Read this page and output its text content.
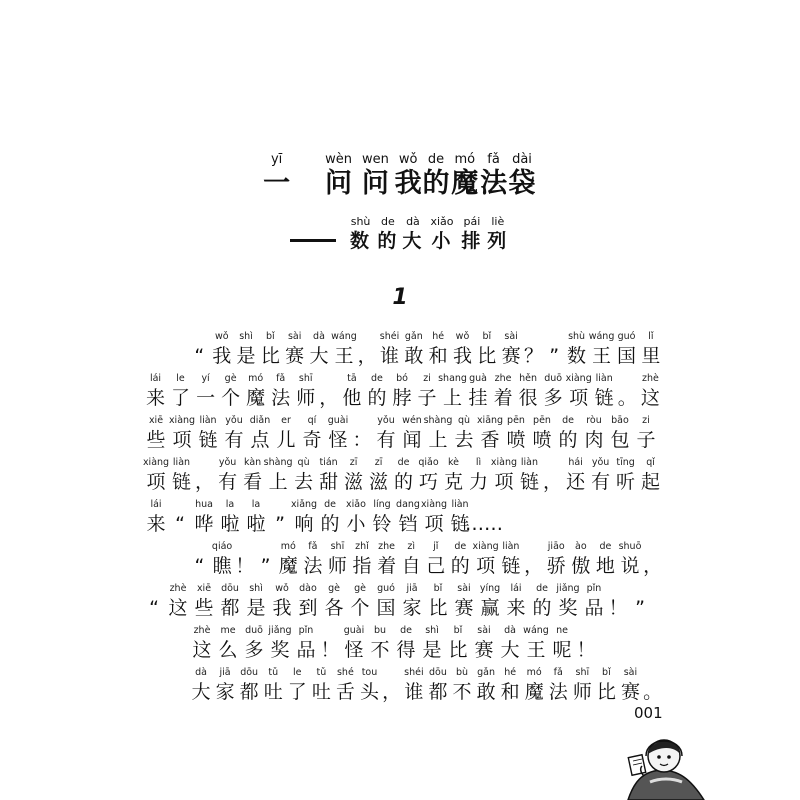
yī
一
wèn
问
wen
问
wǒ
我
de
的
mó
魔
fǎ
法
dài
袋
shù
数
de
的
dà
大
xiǎo
小
pái
排
liè
列
1
“
wǒ
我
shì
是
bǐ
比
sài
赛
dà
大
wáng
王 ，
shéi
谁
gǎn
敢
hé
和
wǒ
我
bǐ
比
sài
赛 ？ ”
shù
数
wáng
王
guó
国
lǐ
里
lái
来
le
了
yí
一
gè
个
mó
魔
fǎ
法
shī
师 ，
tā
他
de
的
bó
脖
zi
子
shang
上
guà
挂
zhe
着
hěn
很
duō
多
xiàng
项
liàn
链 。
zhè
这
xiē
些
xiàng
项
liàn
链
yǒu
有
diǎn
点
er
儿
qí
奇
guài
怪 ：
yǒu
有
wén
闻
shàng
上
qù
去
xiāng
香
pēn
喷
pēn
喷
de
的
ròu
肉
bāo
包
zi
子
xiàng
项
liàn
链 ，
yǒu
有
kàn
看
shàng
上
qù
去
tián
甜
zī
滋
zī
滋
de
的
qiǎo
巧
kè
克
lì
力
xiàng
项
liàn
链 ，
hái
还
yǒu
有
tīng
听
qǐ
起
lái
来 “
hua
哗
la
啦
la
啦 ”
xiǎng
响
de
的
xiǎo
小
líng
铃
dang
铛
xiàng
项
liàn
链
……
“
qiáo
瞧 ！ ”
mó
魔
fǎ
法
shī
师
zhǐ
指
zhe
着
zì
自
jǐ
己
de
的
xiàng
项
liàn
链 ，
jiāo
骄
ào
傲
de
地
shuō
说 ，
“
zhè
这
xiē
些
dōu
都
shì
是
wǒ
我
dào
到
gè
各
gè
个
guó
国
jiā
家
bǐ
比
sài
赛
yíng
赢
lái
来
de
的
jiǎng
奖
pǐn
品 ！ ”
zhè
这
me
么
duō
多
jiǎng
奖
pǐn
品 ！
guài
怪
bu
不
de
得
shì
是
bǐ
比
sài
赛
dà
大
wáng
王
ne
呢 ！
dà
大
jiā
家
dōu
都
tǔ
吐
le
了
tǔ
吐
shé
舌
tou
头 ，
shéi
谁
dōu
都
bù
不
gǎn
敢
hé
和
mó
魔
fǎ
法
shī
师
bǐ
比
sài
赛 。
001
